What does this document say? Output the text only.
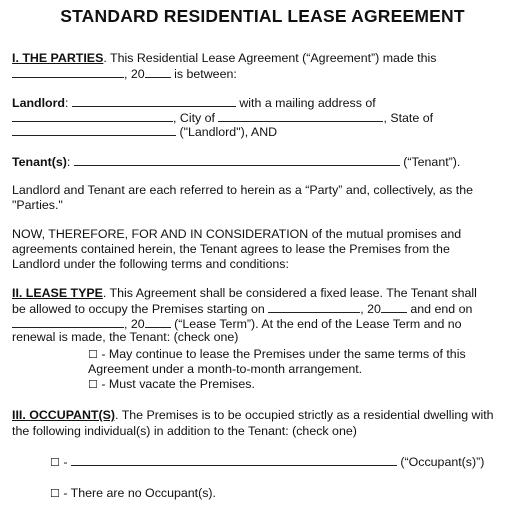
STANDARD RESIDENTIAL LEASE AGREEMENT
I. THE PARTIES. This Residential Lease Agreement (“Agreement”) made this
, 20 is between:
Landlord:	with a mailing address of
, City of	, State of
("Landlord"), AND
Tenant(s):	(“Tenant”).
Landlord and Tenant are each referred to herein as a “Party” and, collectively, as the
"Parties."
NOW, THEREFORE, FOR AND IN CONSIDERATION of the mutual promises and
agreements contained herein, the Tenant agrees to lease the Premises from the
Landlord under the following terms and conditions:
II. LEASE TYPE. This Agreement shall be considered a fixed lease. The Tenant shall
be allowed to occupy the Premises starting on	, 20 and end on
, 20 (“Lease Term”). At the end of the Lease Term and no
renewal is made, the Tenant: (check one)
☐ - May continue to lease the Premises under the same terms of this
Agreement under a month-to-month arrangement.
☐ - Must vacate the Premises.
III. OCCUPANT(S). The Premises is to be occupied strictly as a residential dwelling with
the following individual(s) in addition to the Tenant: (check one)
☐ -	(“Occupant(s)”)
☐ - There are no Occupant(s).
